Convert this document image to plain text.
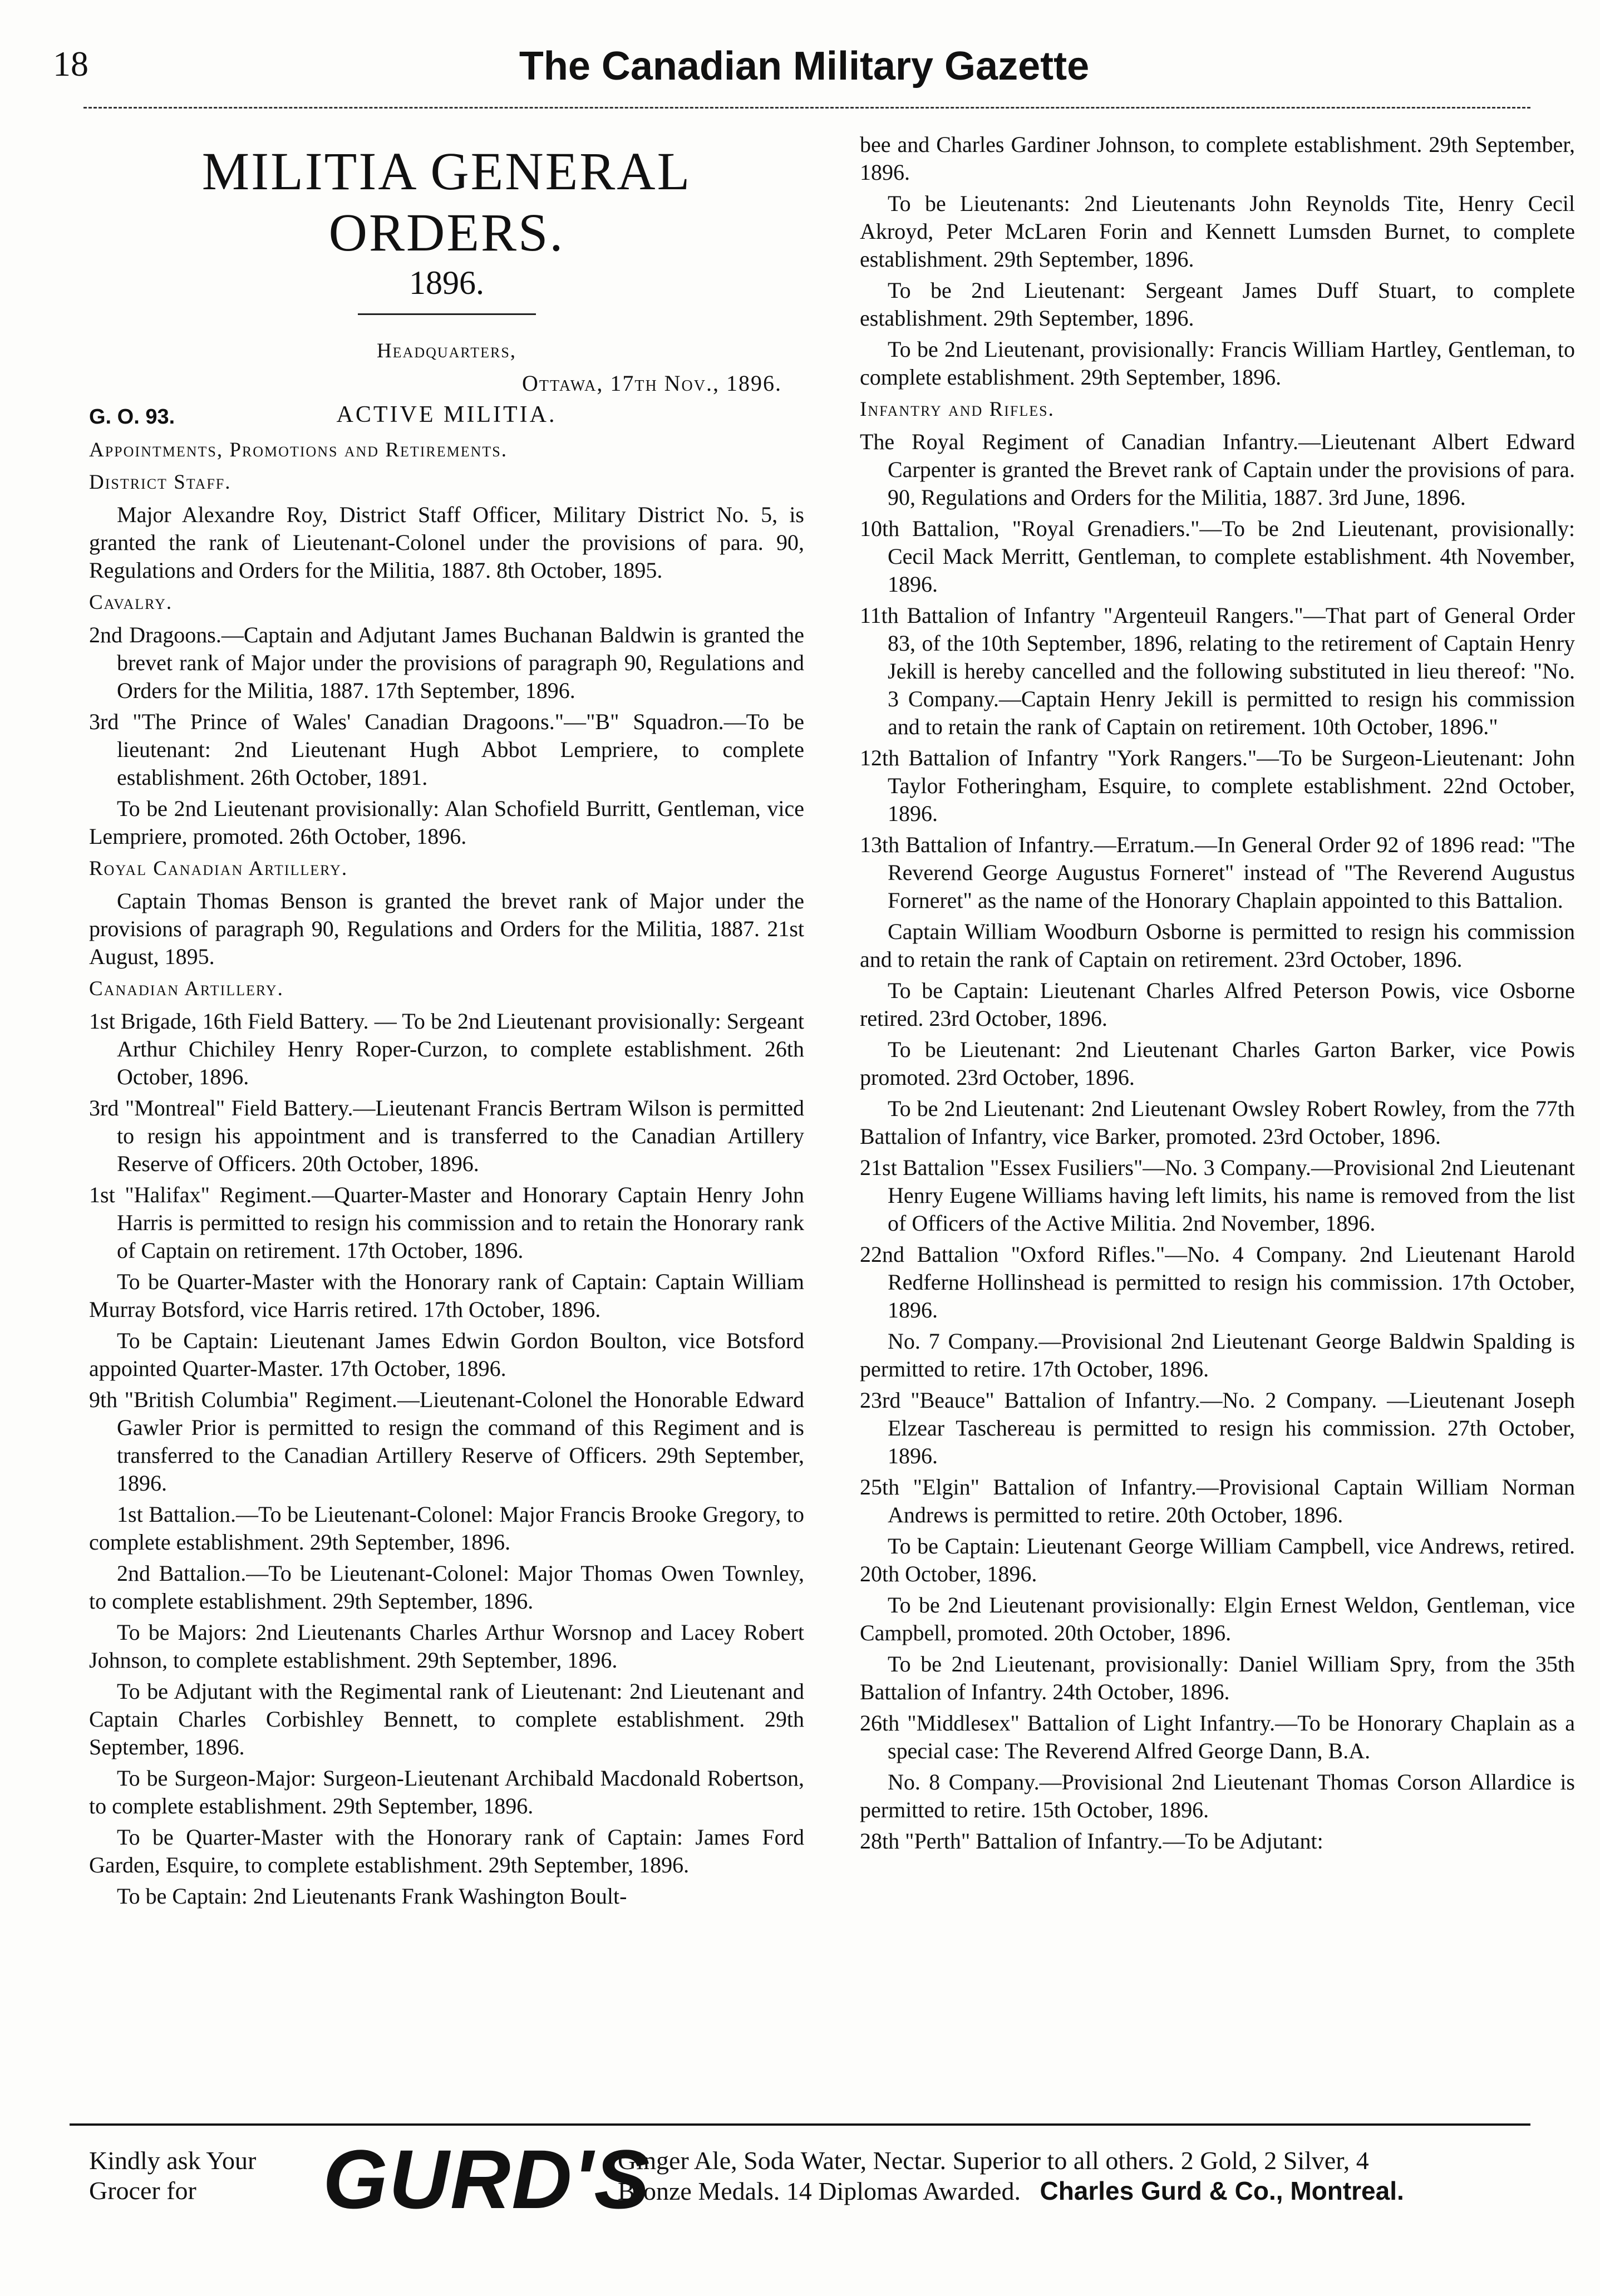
18	The Canadian Military Gazette
MILITIA GENERAL ORDERS.
1896.

Headquarters,

Ottawa, 17th Nov., 1896.

G. O. 93.	ACTIVE MILITIA.

Appointments, Promotions and Retirements.

District Staff.

Major Alexandre Roy, District Staff Officer, Military District No. 5, is granted the rank of Lieutenant-Colonel under the provisions of para. 90, Regulations and Orders for the Militia, 1887. 8th October, 1895.

Cavalry.

2nd Dragoons.—Captain and Adjutant James Buchanan Baldwin is granted the brevet rank of Major under the provisions of paragraph 90, Regulations and Orders for the Militia, 1887. 17th September, 1896.

3rd "The Prince of Wales' Canadian Dragoons."—"B" Squadron.—To be lieutenant: 2nd Lieutenant Hugh Abbot Lempriere, to complete establishment. 26th October, 1891.

To be 2nd Lieutenant provisionally: Alan Schofield Burritt, Gentleman, vice Lempriere, promoted. 26th October, 1896.

Royal Canadian Artillery.

Captain Thomas Benson is granted the brevet rank of Major under the provisions of paragraph 90, Regulations and Orders for the Militia, 1887. 21st August, 1895.

Canadian Artillery.

1st Brigade, 16th Field Battery. — To be 2nd Lieutenant provisionally: Sergeant Arthur Chichiley Henry Roper-Curzon, to complete establishment. 26th October, 1896.

3rd "Montreal" Field Battery.—Lieutenant Francis Bertram Wilson is permitted to resign his appointment and is transferred to the Canadian Artillery Reserve of Officers. 20th October, 1896.

1st "Halifax" Regiment.—Quarter-Master and Honorary Captain Henry John Harris is permitted to resign his commission and to retain the Honorary rank of Captain on retirement. 17th October, 1896.

To be Quarter-Master with the Honorary rank of Captain: Captain William Murray Botsford, vice Harris retired. 17th October, 1896.

To be Captain: Lieutenant James Edwin Gordon Boulton, vice Botsford appointed Quarter-Master. 17th October, 1896.

9th "British Columbia" Regiment.—Lieutenant-Colonel the Honorable Edward Gawler Prior is permitted to resign the command of this Regiment and is transferred to the Canadian Artillery Reserve of Officers. 29th September, 1896.

1st Battalion.—To be Lieutenant-Colonel: Major Francis Brooke Gregory, to complete establishment. 29th September, 1896.

2nd Battalion.—To be Lieutenant-Colonel: Major Thomas Owen Townley, to complete establishment. 29th September, 1896.

To be Majors: 2nd Lieutenants Charles Arthur Worsnop and Lacey Robert Johnson, to complete establishment. 29th September, 1896.

To be Adjutant with the Regimental rank of Lieutenant: 2nd Lieutenant and Captain Charles Corbishley Bennett, to complete establishment. 29th September, 1896.

To be Surgeon-Major: Surgeon-Lieutenant Archibald Macdonald Robertson, to complete establishment. 29th September, 1896.

To be Quarter-Master with the Honorary rank of Captain: James Ford Garden, Esquire, to complete establishment. 29th September, 1896.

To be Captain: 2nd Lieutenants Frank Washington Boult-

bee and Charles Gardiner Johnson, to complete establishment. 29th September, 1896.

To be Lieutenants: 2nd Lieutenants John Reynolds Tite, Henry Cecil Akroyd, Peter McLaren Forin and Kennett Lumsden Burnet, to complete establishment. 29th September, 1896.

To be 2nd Lieutenant: Sergeant James Duff Stuart, to complete establishment. 29th September, 1896.

To be 2nd Lieutenant, provisionally: Francis William Hartley, Gentleman, to complete establishment. 29th September, 1896.

Infantry and Rifles.

The Royal Regiment of Canadian Infantry.—Lieutenant Albert Edward Carpenter is granted the Brevet rank of Captain under the provisions of para. 90, Regulations and Orders for the Militia, 1887. 3rd June, 1896.

10th Battalion, "Royal Grenadiers."—To be 2nd Lieutenant, provisionally: Cecil Mack Merritt, Gentleman, to complete establishment. 4th November, 1896.

11th Battalion of Infantry "Argenteuil Rangers."—That part of General Order 83, of the 10th September, 1896, relating to the retirement of Captain Henry Jekill is hereby cancelled and the following substituted in lieu thereof: "No. 3 Company.—Captain Henry Jekill is permitted to resign his commission and to retain the rank of Captain on retirement. 10th October, 1896."

12th Battalion of Infantry "York Rangers."—To be Surgeon-Lieutenant: John Taylor Fotheringham, Esquire, to complete establishment. 22nd October, 1896.

13th Battalion of Infantry.—Erratum.—In General Order 92 of 1896 read: "The Reverend George Augustus Forneret" instead of "The Reverend Augustus Forneret" as the name of the Honorary Chaplain appointed to this Battalion.

Captain William Woodburn Osborne is permitted to resign his commission and to retain the rank of Captain on retirement. 23rd October, 1896.

To be Captain: Lieutenant Charles Alfred Peterson Powis, vice Osborne retired. 23rd October, 1896.

To be Lieutenant: 2nd Lieutenant Charles Garton Barker, vice Powis promoted. 23rd October, 1896.

To be 2nd Lieutenant: 2nd Lieutenant Owsley Robert Rowley, from the 77th Battalion of Infantry, vice Barker, promoted. 23rd October, 1896.

21st Battalion "Essex Fusiliers"—No. 3 Company.—Provisional 2nd Lieutenant Henry Eugene Williams having left limits, his name is removed from the list of Officers of the Active Militia. 2nd November, 1896.

22nd Battalion "Oxford Rifles."—No. 4 Company. 2nd Lieutenant Harold Redferne Hollinshead is permitted to resign his commission. 17th October, 1896.

No. 7 Company.—Provisional 2nd Lieutenant George Baldwin Spalding is permitted to retire. 17th October, 1896.

23rd "Beauce" Battalion of Infantry.—No. 2 Company. —Lieutenant Joseph Elzear Taschereau is permitted to resign his commission. 27th October, 1896.

25th "Elgin" Battalion of Infantry.—Provisional Captain William Norman Andrews is permitted to retire. 20th October, 1896.

To be Captain: Lieutenant George William Campbell, vice Andrews, retired. 20th October, 1896.

To be 2nd Lieutenant provisionally: Elgin Ernest Weldon, Gentleman, vice Campbell, promoted. 20th October, 1896.

To be 2nd Lieutenant, provisionally: Daniel William Spry, from the 35th Battalion of Infantry. 24th October, 1896.

26th "Middlesex" Battalion of Light Infantry.—To be Honorary Chaplain as a special case: The Reverend Alfred George Dann, B.A.

No. 8 Company.—Provisional 2nd Lieutenant Thomas Corson Allardice is permitted to retire. 15th October, 1896.

28th "Perth" Battalion of Infantry.—To be Adjutant:

Kindly ask Your Grocer for	GURD'S
Ginger Ale, Soda Water, Nectar. Superior to all others. 2 Gold, 2 Silver, 4
Bronze Medals. 14 Diplomas Awarded. Charles Gurd & Co., Montreal.
